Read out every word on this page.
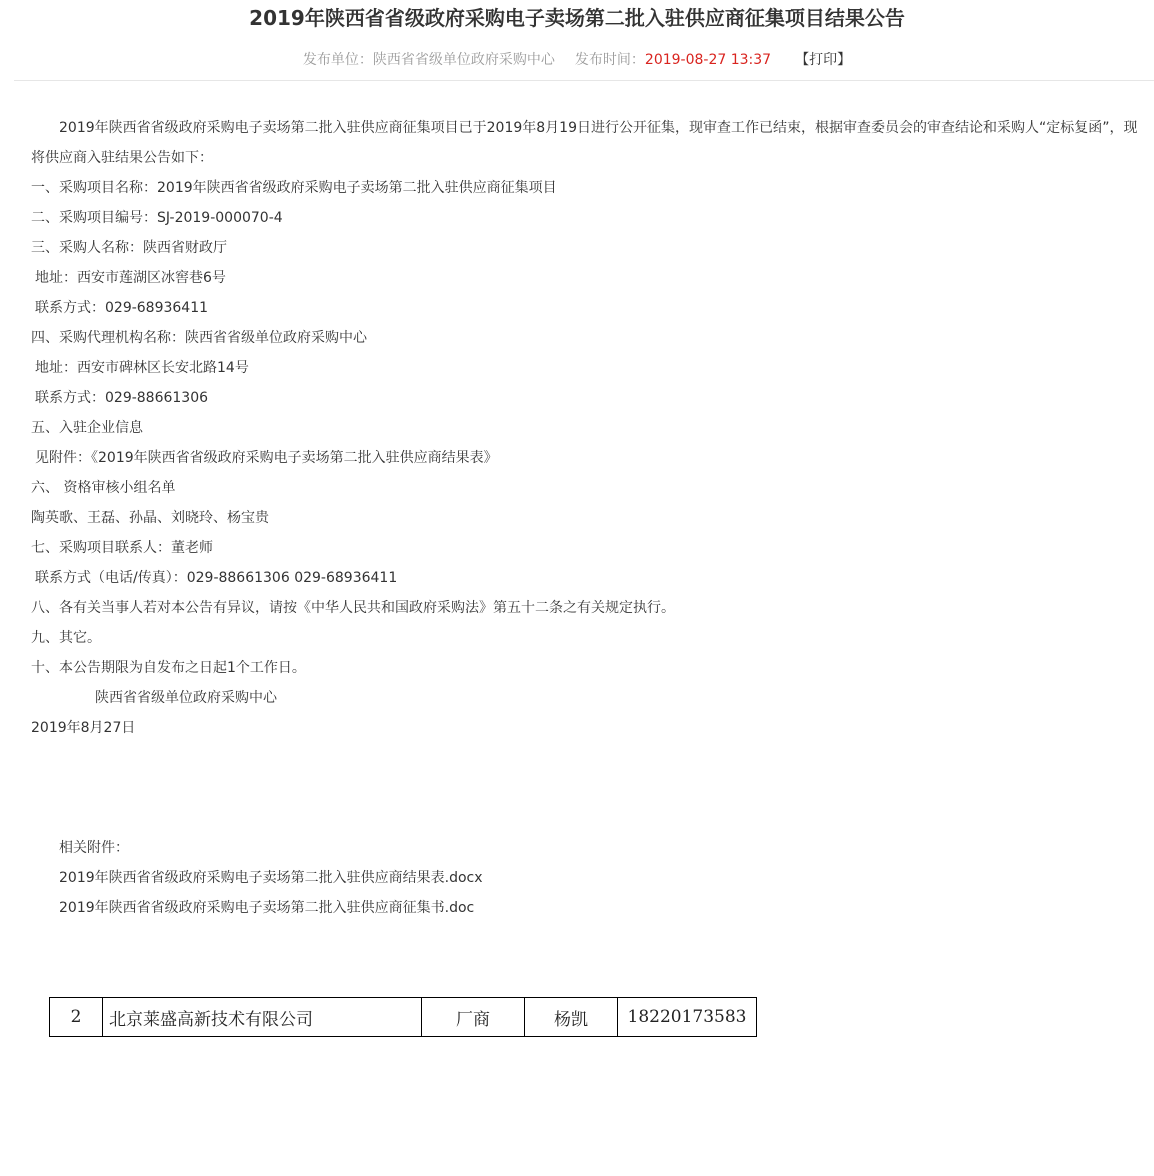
2019年陕西省省级政府采购电子卖场第二批入驻供应商征集项目结果公告
发布单位：陕西省省级单位政府采购中心 发布时间：2019-08-27 13:37 【打印】

2019年陕西省省级政府采购电子卖场第二批入驻供应商征集项目已于2019年8月19日进行公开征集，现审查工作已结束，根据审查委员会的审查结论和采购人“定标复函”，现将供应商入驻结果公告如下：

一、采购项目名称：2019年陕西省省级政府采购电子卖场第二批入驻供应商征集项目

二、采购项目编号：SJ-2019-000070-4

三、采购人名称：陕西省财政厅

地址：西安市莲湖区冰窖巷6号

联系方式：029-68936411

四、采购代理机构名称：陕西省省级单位政府采购中心

地址：西安市碑林区长安北路14号

联系方式：029-88661306

五、入驻企业信息

见附件：《2019年陕西省省级政府采购电子卖场第二批入驻供应商结果表》

六、 资格审核小组名单

陶英歌、王磊、孙晶、刘晓玲、杨宝贵

七、采购项目联系人：董老师

联系方式（电话/传真）：029-88661306 029-68936411

八、各有关当事人若对本公告有异议，请按《中华人民共和国政府采购法》第五十二条之有关规定执行。

九、其它。

十、本公告期限为自发布之日起1个工作日。

陕西省省级单位政府采购中心

2019年8月27日

相关附件：
2019年陕西省省级政府采购电子卖场第二批入驻供应商结果表.docx
2019年陕西省省级政府采购电子卖场第二批入驻供应商征集书.doc
2	北京莱盛高新技术有限公司	厂商	杨凯	18220173583
